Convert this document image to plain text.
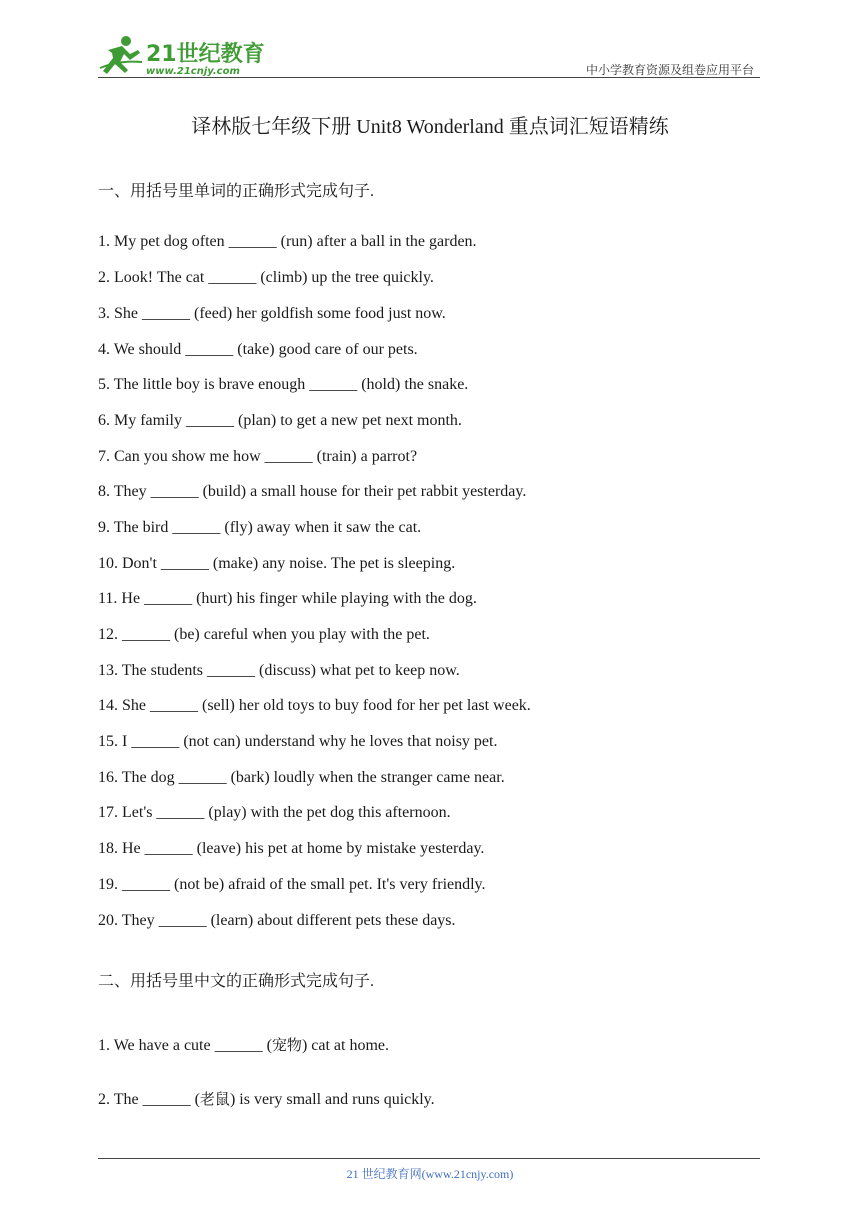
21世纪教育
www.21cnjy.com	中小学教育资源及组卷应用平台
译林版七年级下册 Unit8 Wonderland 重点词汇短语精练
一、用括号里单词的正确形式完成句子.
1. My pet dog often ______ (run) after a ball in the garden.
2. Look! The cat ______ (climb) up the tree quickly.
3. She ______ (feed) her goldfish some food just now.
4. We should ______ (take) good care of our pets.
5. The little boy is brave enough ______ (hold) the snake.
6. My family ______ (plan) to get a new pet next month.
7. Can you show me how ______ (train) a parrot?
8. They ______ (build) a small house for their pet rabbit yesterday.
9. The bird ______ (fly) away when it saw the cat.
10. Don't ______ (make) any noise. The pet is sleeping.
11. He ______ (hurt) his finger while playing with the dog.
12. ______ (be) careful when you play with the pet.
13. The students ______ (discuss) what pet to keep now.
14. She ______ (sell) her old toys to buy food for her pet last week.
15. I ______ (not can) understand why he loves that noisy pet.
16. The dog ______ (bark) loudly when the stranger came near.
17. Let's ______ (play) with the pet dog this afternoon.
18. He ______ (leave) his pet at home by mistake yesterday.
19. ______ (not be) afraid of the small pet. It's very friendly.
20. They ______ (learn) about different pets these days.
二、用括号里中文的正确形式完成句子.
1. We have a cute ______ (宠物) cat at home.
2. The ______ (老鼠) is very small and runs quickly.
21 世纪教育网(www.21cnjy.com)
